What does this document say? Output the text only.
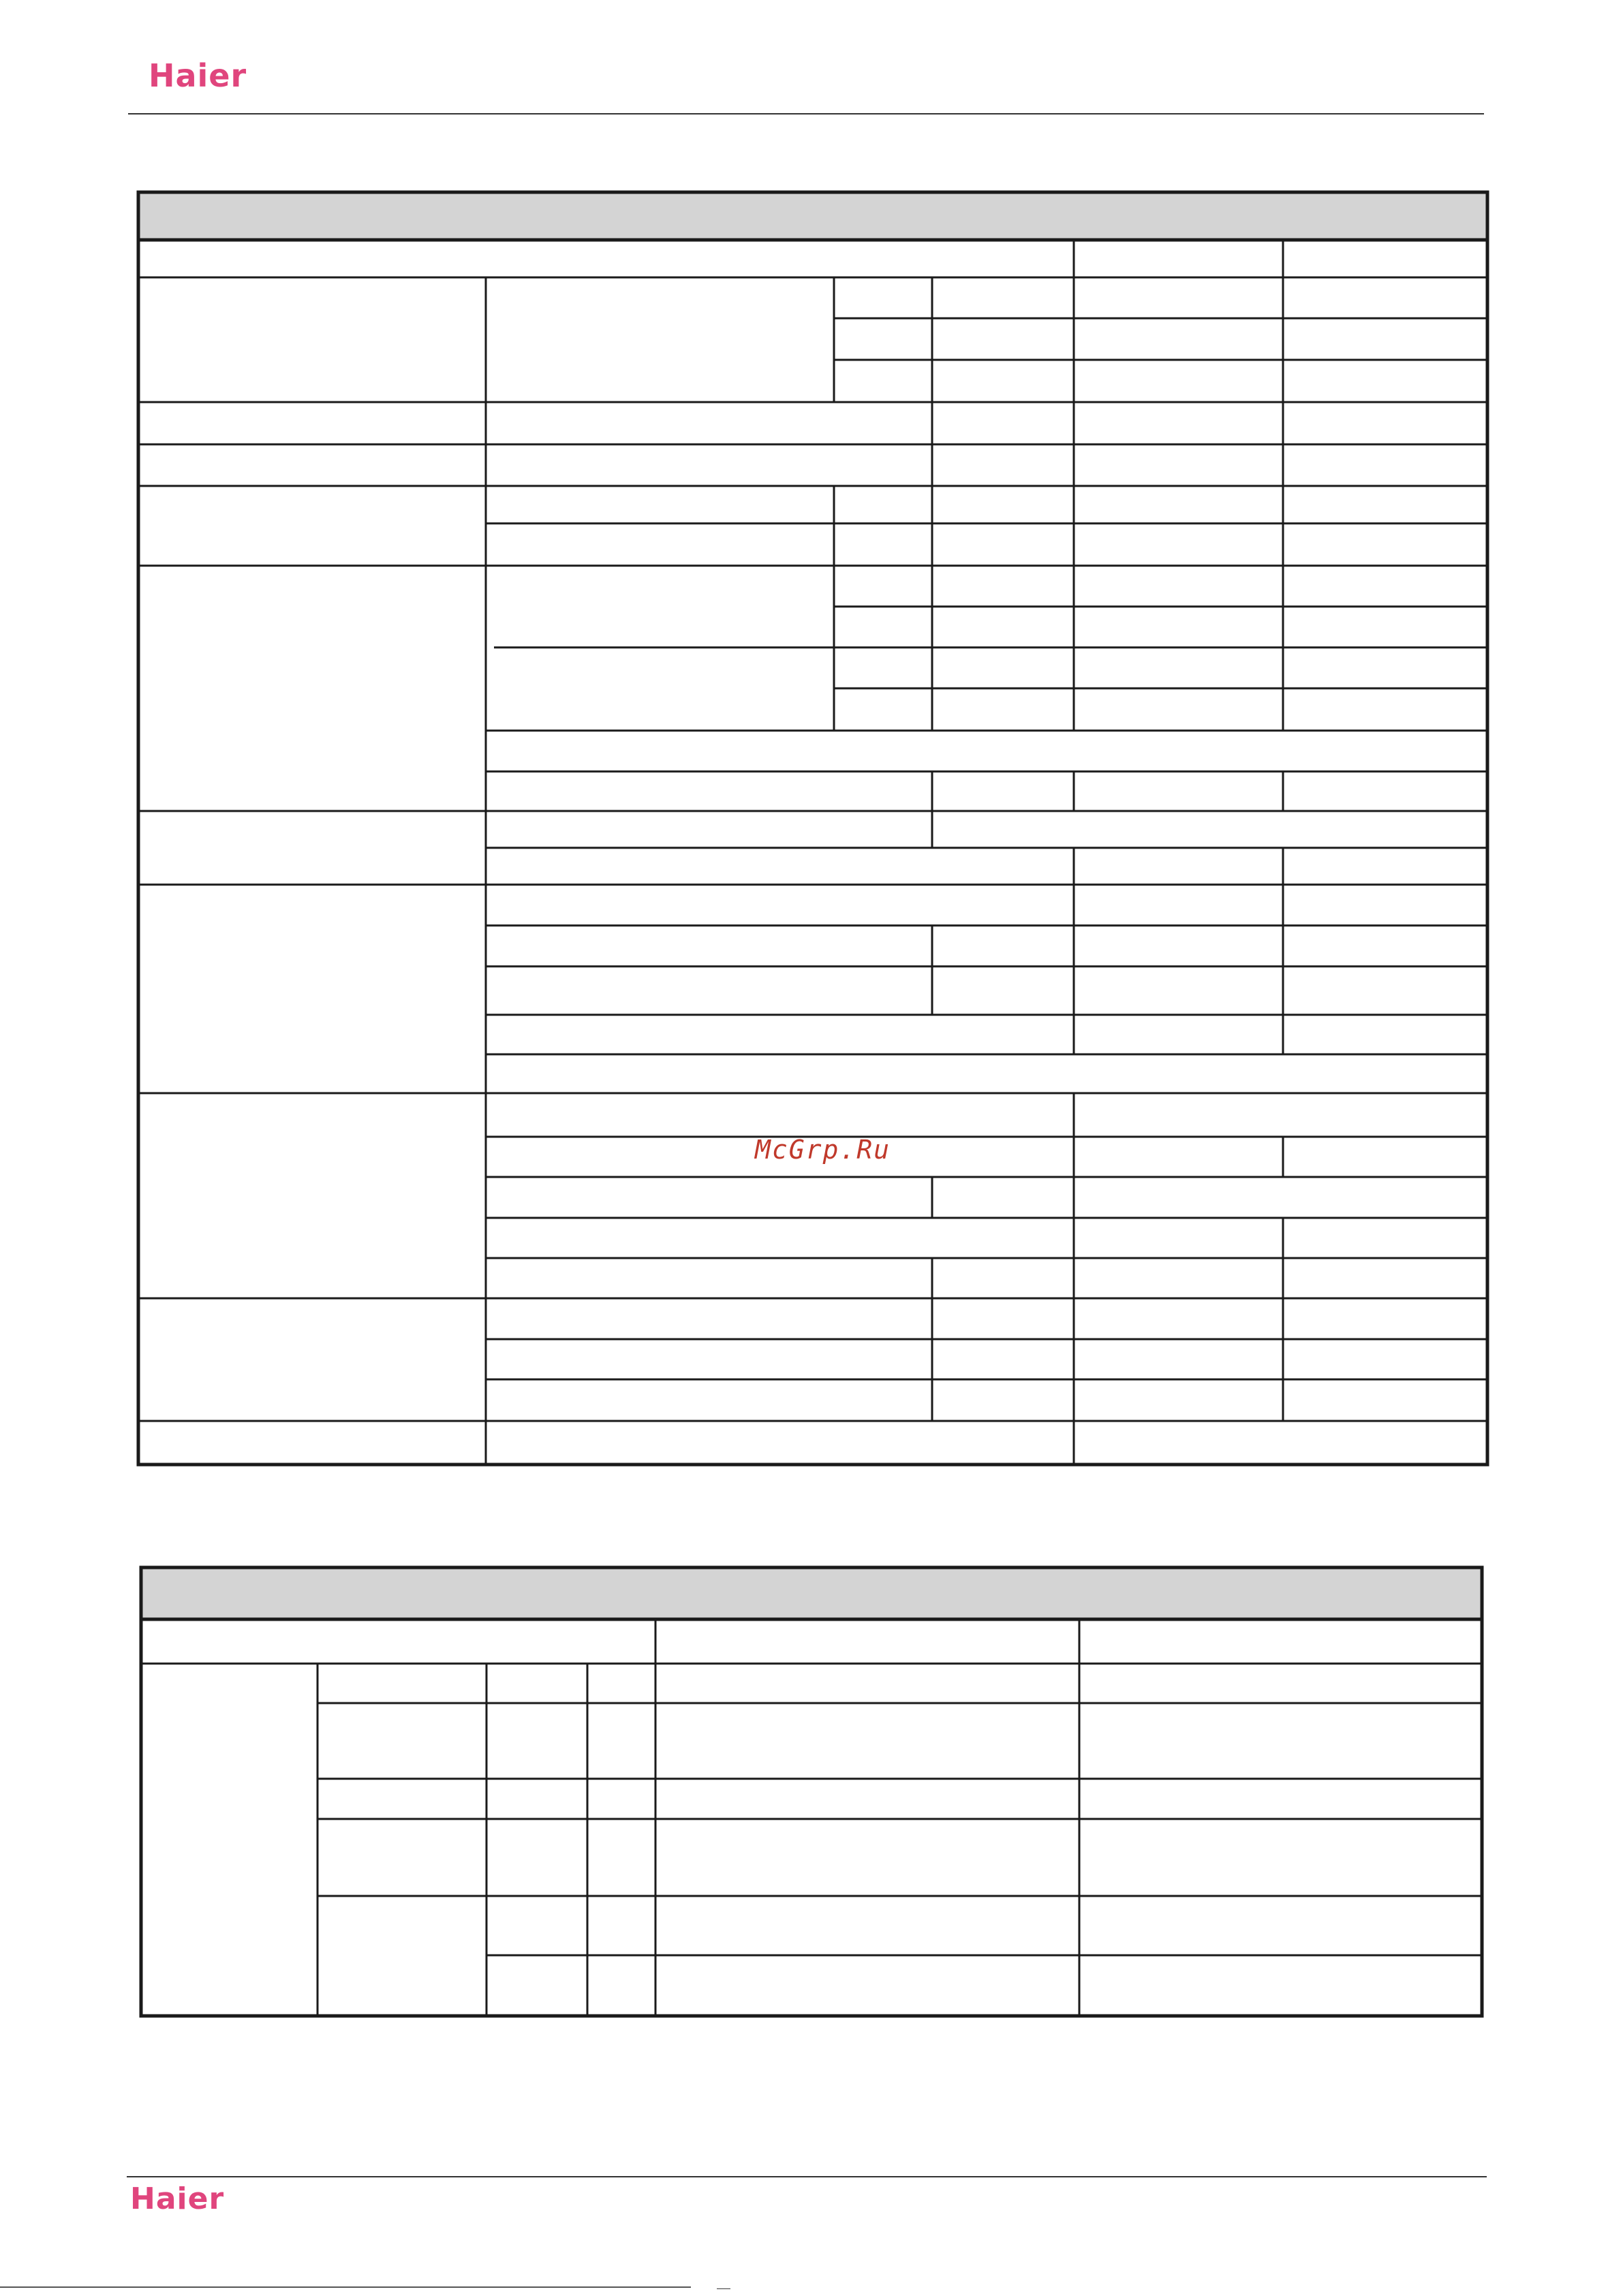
Haier
McGrp.Ru
Haier
––
